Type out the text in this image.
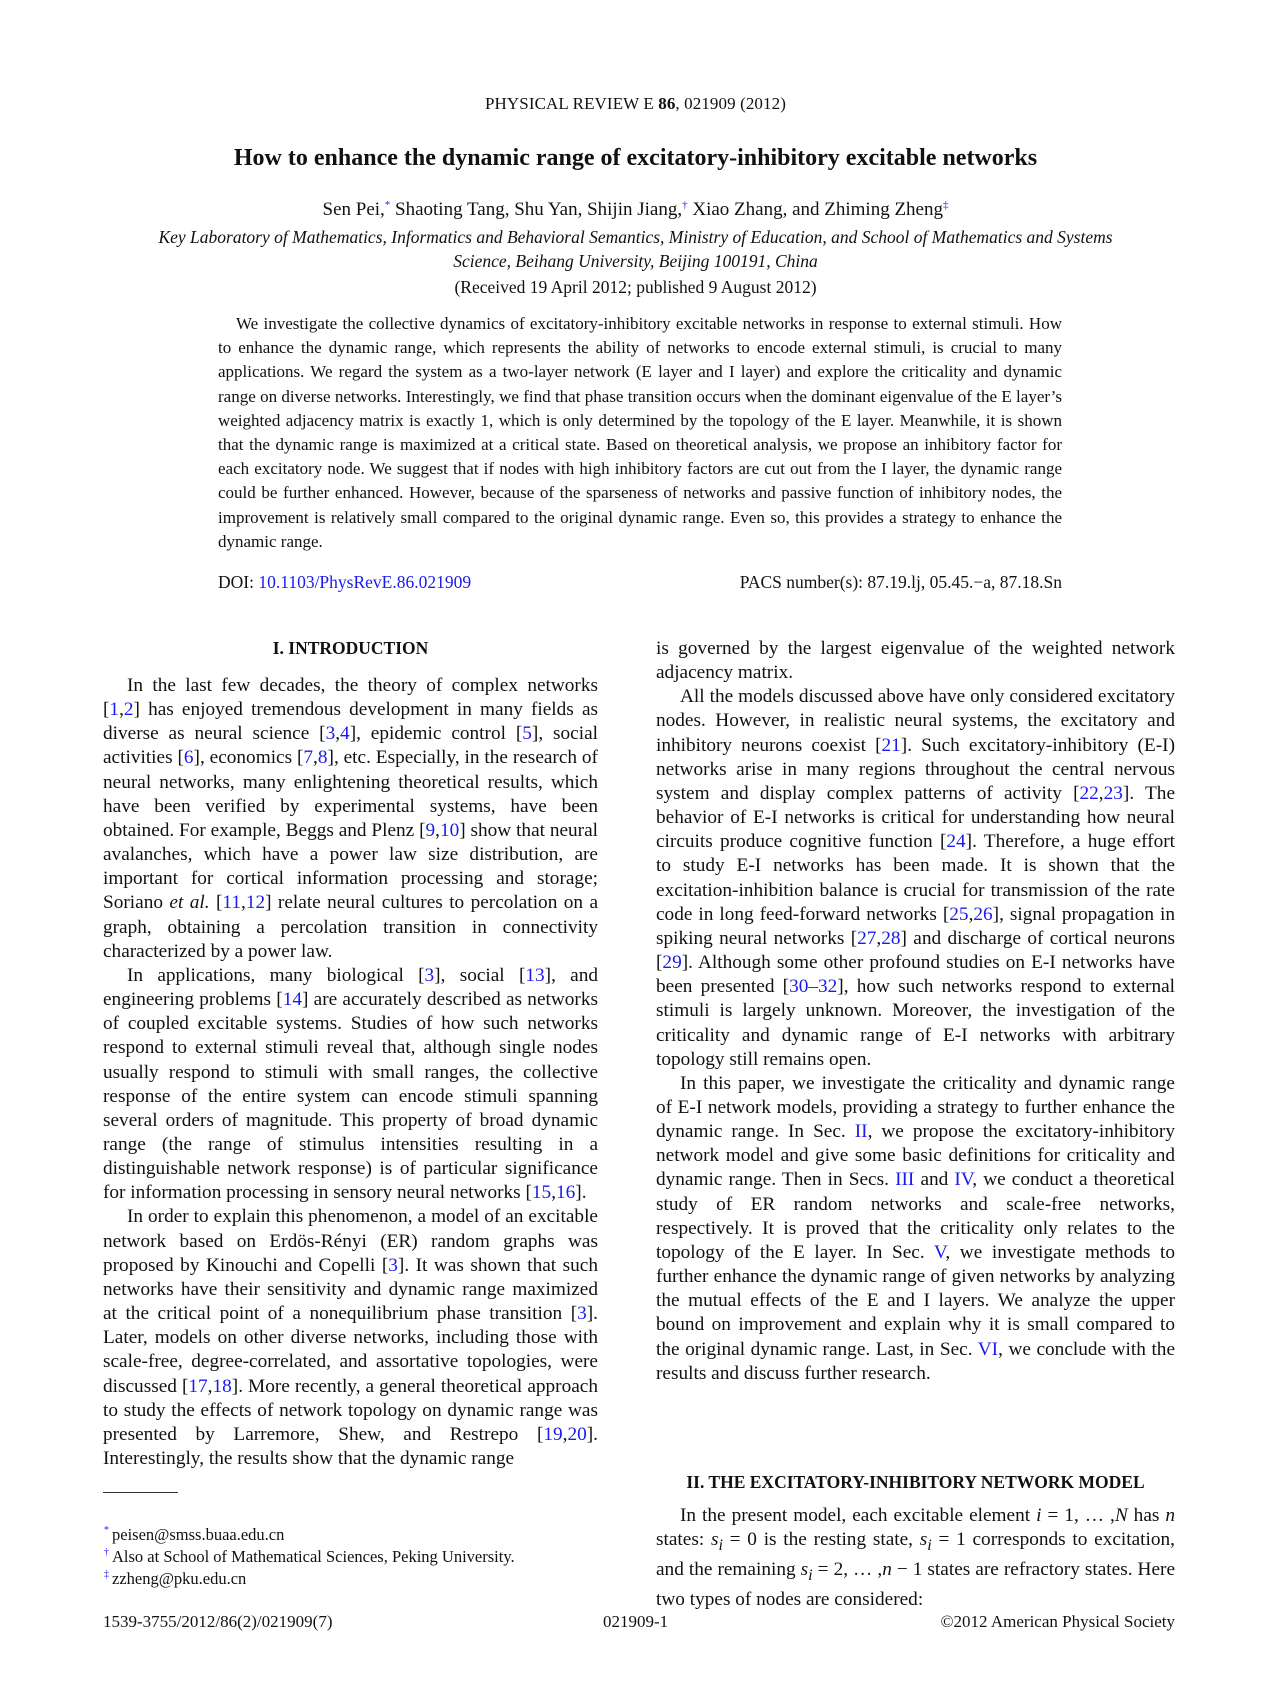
PHYSICAL REVIEW E 86, 021909 (2012)
How to enhance the dynamic range of excitatory-inhibitory excitable networks
Sen Pei,* Shaoting Tang, Shu Yan, Shijin Jiang,† Xiao Zhang, and Zhiming Zheng‡
Key Laboratory of Mathematics, Informatics and Behavioral Semantics, Ministry of Education, and School of Mathematics and Systems
Science, Beihang University, Beijing 100191, China
(Received 19 April 2012; published 9 August 2012)
We investigate the collective dynamics of excitatory-inhibitory excitable networks in response to external stimuli. How to enhance the dynamic range, which represents the ability of networks to encode external stimuli, is crucial to many applications. We regard the system as a two-layer network (E layer and I layer) and explore the criticality and dynamic range on diverse networks. Interestingly, we find that phase transition occurs when the dominant eigenvalue of the E layer’s weighted adjacency matrix is exactly 1, which is only determined by the topology of the E layer. Meanwhile, it is shown that the dynamic range is maximized at a critical state. Based on theoretical analysis, we propose an inhibitory factor for each excitatory node. We suggest that if nodes with high inhibitory factors are cut out from the I layer, the dynamic range could be further enhanced. However, because of the sparseness of networks and passive function of inhibitory nodes, the improvement is relatively small compared to the original dynamic range. Even so, this provides a strategy to enhance the dynamic range.
DOI: 10.1103/PhysRevE.86.021909	PACS number(s): 87.19.lj, 05.45.−a, 87.18.Sn
I. INTRODUCTION

In the last few decades, the theory of complex networks [1,2] has enjoyed tremendous development in many fields as diverse as neural science [3,4], epidemic control [5], social activities [6], economics [7,8], etc. Especially, in the research of neural networks, many enlightening theoretical results, which have been verified by experimental systems, have been obtained. For example, Beggs and Plenz [9,10] show that neural avalanches, which have a power law size distribution, are important for cortical information processing and storage; Soriano et al. [11,12] relate neural cultures to percolation on a graph, obtaining a percolation transition in connectivity characterized by a power law.

In applications, many biological [3], social [13], and engineering problems [14] are accurately described as networks of coupled excitable systems. Studies of how such networks respond to external stimuli reveal that, although single nodes usually respond to stimuli with small ranges, the collective response of the entire system can encode stimuli spanning several orders of magnitude. This property of broad dynamic range (the range of stimulus intensities resulting in a distinguishable network response) is of particular significance for information processing in sensory neural networks [15,16].

In order to explain this phenomenon, a model of an excitable network based on Erdös-Rényi (ER) random graphs was proposed by Kinouchi and Copelli [3]. It was shown that such networks have their sensitivity and dynamic range maximized at the critical point of a nonequilibrium phase transition [3]. Later, models on other diverse networks, including those with scale-free, degree-correlated, and assortative topologies, were discussed [17,18]. More recently, a general theoretical approach to study the effects of network topology on dynamic range was presented by Larremore, Shew, and Restrepo [19,20]. Interestingly, the results show that the dynamic range

* peisen@smss.buaa.edu.cn
† Also at School of Mathematical Sciences, Peking University.
‡ zzheng@pku.edu.cn

is governed by the largest eigenvalue of the weighted network adjacency matrix.

All the models discussed above have only considered excitatory nodes. However, in realistic neural systems, the excitatory and inhibitory neurons coexist [21]. Such excitatory-inhibitory (E-I) networks arise in many regions throughout the central nervous system and display complex patterns of activity [22,23]. The behavior of E-I networks is critical for understanding how neural circuits produce cognitive function [24]. Therefore, a huge effort to study E-I networks has been made. It is shown that the excitation-inhibition balance is crucial for transmission of the rate code in long feed-forward networks [25,26], signal propagation in spiking neural networks [27,28] and discharge of cortical neurons [29]. Although some other profound studies on E-I networks have been presented [30–32], how such networks respond to external stimuli is largely unknown. Moreover, the investigation of the criticality and dynamic range of E-I networks with arbitrary topology still remains open.

In this paper, we investigate the criticality and dynamic range of E-I network models, providing a strategy to further enhance the dynamic range. In Sec. II, we propose the excitatory-inhibitory network model and give some basic definitions for criticality and dynamic range. Then in Secs. III and IV, we conduct a theoretical study of ER random networks and scale-free networks, respectively. It is proved that the criticality only relates to the topology of the E layer. In Sec. V, we investigate methods to further enhance the dynamic range of given networks by analyzing the mutual effects of the E and I layers. We analyze the upper bound on improvement and explain why it is small compared to the original dynamic range. Last, in Sec. VI, we conclude with the results and discuss further research.

II. THE EXCITATORY-INHIBITORY NETWORK MODEL

In the present model, each excitable element i = 1, … ,N has n states: $s_i = 0$ is the resting state, $s_i = 1$ corresponds to excitation, and the remaining $s_i = 2$, … ,n − 1 states are refractory states. Here two types of nodes are considered:

1539-3755/2012/86(2)/021909(7)	021909-1	©2012 American Physical Society
